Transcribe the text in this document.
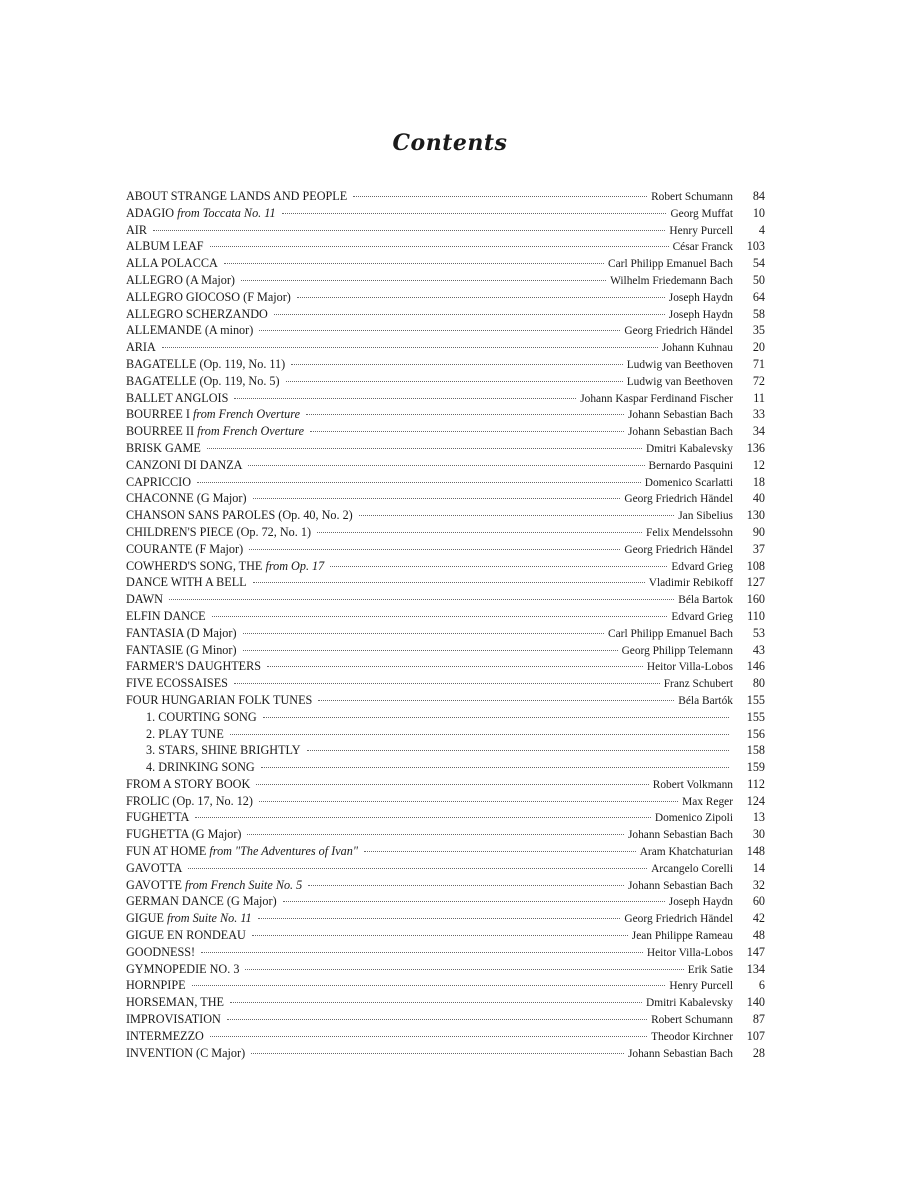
Contents
ABOUT STRANGE LANDS AND PEOPLE	Robert Schumann	84
ADAGIO from Toccata No. 11	Georg Muffat	10
AIR	Henry Purcell	4
ALBUM LEAF	César Franck	103
ALLA POLACCA	Carl Philipp Emanuel Bach	54
ALLEGRO (A Major)	Wilhelm Friedemann Bach	50
ALLEGRO GIOCOSO (F Major)	Joseph Haydn	64
ALLEGRO SCHERZANDO	Joseph Haydn	58
ALLEMANDE (A minor)	Georg Friedrich Händel	35
ARIA	Johann Kuhnau	20
BAGATELLE (Op. 119, No. 11)	Ludwig van Beethoven	71
BAGATELLE (Op. 119, No. 5)	Ludwig van Beethoven	72
BALLET ANGLOIS	Johann Kaspar Ferdinand Fischer	11
BOURREE I from French Overture	Johann Sebastian Bach	33
BOURREE II from French Overture	Johann Sebastian Bach	34
BRISK GAME	Dmitri Kabalevsky	136
CANZONI DI DANZA	Bernardo Pasquini	12
CAPRICCIO	Domenico Scarlatti	18
CHACONNE (G Major)	Georg Friedrich Händel	40
CHANSON SANS PAROLES (Op. 40, No. 2)	Jan Sibelius	130
CHILDREN'S PIECE (Op. 72, No. 1)	Felix Mendelssohn	90
COURANTE (F Major)	Georg Friedrich Händel	37
COWHERD'S SONG, THE from Op. 17	Edvard Grieg	108
DANCE WITH A BELL	Vladimir Rebikoff	127
DAWN	Béla Bartok	160
ELFIN DANCE	Edvard Grieg	110
FANTASIA (D Major)	Carl Philipp Emanuel Bach	53
FANTASIE (G Minor)	Georg Philipp Telemann	43
FARMER'S DAUGHTERS	Heitor Villa-Lobos	146
FIVE ECOSSAISES	Franz Schubert	80
FOUR HUNGARIAN FOLK TUNES	Béla Bartók	155
1. COURTING SONG	155
2. PLAY TUNE	156
3. STARS, SHINE BRIGHTLY	158
4. DRINKING SONG	159
FROM A STORY BOOK	Robert Volkmann	112
FROLIC (Op. 17, No. 12)	Max Reger	124
FUGHETTA	Domenico Zipoli	13
FUGHETTA (G Major)	Johann Sebastian Bach	30
FUN AT HOME from "The Adventures of Ivan"	Aram Khatchaturian	148
GAVOTTA	Arcangelo Corelli	14
GAVOTTE from French Suite No. 5	Johann Sebastian Bach	32
GERMAN DANCE (G Major)	Joseph Haydn	60
GIGUE from Suite No. 11	Georg Friedrich Händel	42
GIGUE EN RONDEAU	Jean Philippe Rameau	48
GOODNESS!	Heitor Villa-Lobos	147
GYMNOPEDIE NO. 3	Erik Satie	134
HORNPIPE	Henry Purcell	6
HORSEMAN, THE	Dmitri Kabalevsky	140
IMPROVISATION	Robert Schumann	87
INTERMEZZO	Theodor Kirchner	107
INVENTION (C Major)	Johann Sebastian Bach	28
